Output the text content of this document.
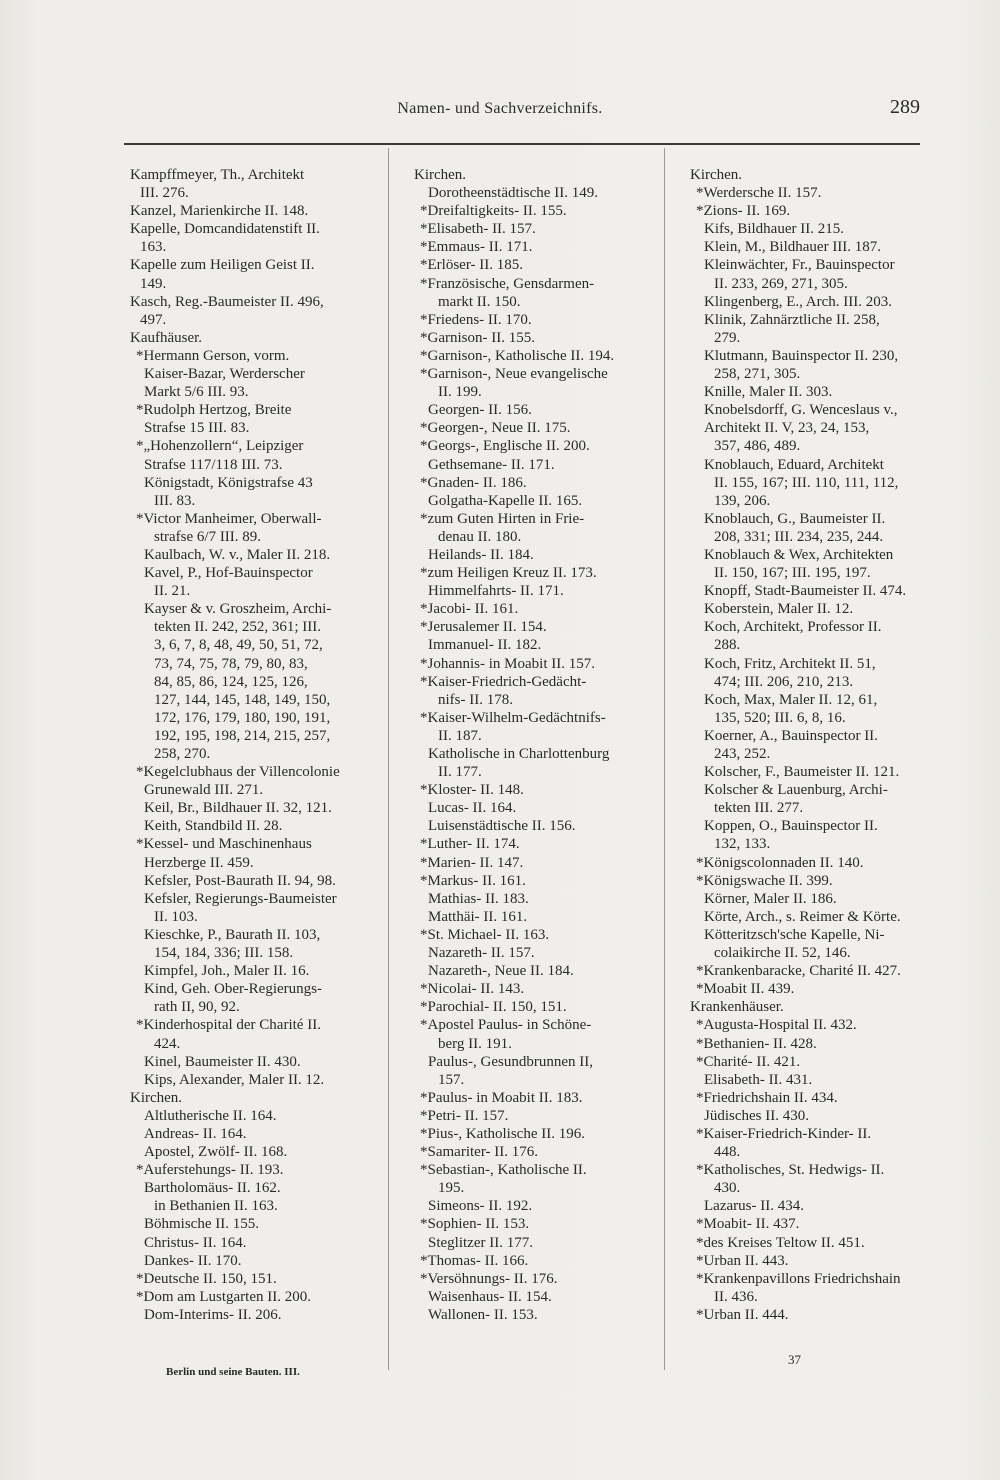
Namen- und Sachverzeichnifs.	289
Kampffmeyer, Th., Architekt
III. 276.
Kanzel, Marienkirche II. 148.
Kapelle, Domcandidatenstift II.
163.
Kapelle zum Heiligen Geist II.
149.
Kasch, Reg.-Baumeister II. 496,
497.
Kaufhäuser.
*Hermann Gerson, vorm.
Kaiser-Bazar, Werderscher
Markt 5/6 III. 93.
*Rudolph Hertzog, Breite
Strafse 15 III. 83.
*„Hohenzollern“, Leipziger
Strafse 117/118 III. 73.
Königstadt, Königstrafse 43
III. 83.
*Victor Manheimer, Oberwall-
strafse 6/7 III. 89.
Kaulbach, W. v., Maler II. 218.
Kavel, P., Hof-Bauinspector
II. 21.
Kayser & v. Groszheim, Archi-
tekten II. 242, 252, 361; III.
3, 6, 7, 8, 48, 49, 50, 51, 72,
73, 74, 75, 78, 79, 80, 83,
84, 85, 86, 124, 125, 126,
127, 144, 145, 148, 149, 150,
172, 176, 179, 180, 190, 191,
192, 195, 198, 214, 215, 257,
258, 270.
*Kegelclubhaus der Villencolonie
Grunewald III. 271.
Keil, Br., Bildhauer II. 32, 121.
Keith, Standbild II. 28.
*Kessel- und Maschinenhaus
Herzberge II. 459.
Kefsler, Post-Baurath II. 94, 98.
Kefsler, Regierungs-Baumeister
II. 103.
Kieschke, P., Baurath II. 103,
154, 184, 336; III. 158.
Kimpfel, Joh., Maler II. 16.
Kind, Geh. Ober-Regierungs-
rath II, 90, 92.
*Kinderhospital der Charité II.
424.
Kinel, Baumeister II. 430.
Kips, Alexander, Maler II. 12.
Kirchen.
Altlutherische II. 164.
Andreas- II. 164.
Apostel, Zwölf- II. 168.
*Auferstehungs- II. 193.
Bartholomäus- II. 162.
in Bethanien II. 163.
Böhmische II. 155.
Christus- II. 164.
Dankes- II. 170.
*Deutsche II. 150, 151.
*Dom am Lustgarten II. 200.
Dom-Interims- II. 206.
Kirchen.
Dorotheenstädtische II. 149.
*Dreifaltigkeits- II. 155.
*Elisabeth- II. 157.
*Emmaus- II. 171.
*Erlöser- II. 185.
*Französische, Gensdarmen-
markt II. 150.
*Friedens- II. 170.
*Garnison- II. 155.
*Garnison-, Katholische II. 194.
*Garnison-, Neue evangelische
II. 199.
Georgen- II. 156.
*Georgen-, Neue II. 175.
*Georgs-, Englische II. 200.
Gethsemane- II. 171.
*Gnaden- II. 186.
Golgatha-Kapelle II. 165.
*zum Guten Hirten in Frie-
denau II. 180.
Heilands- II. 184.
*zum Heiligen Kreuz II. 173.
Himmelfahrts- II. 171.
*Jacobi- II. 161.
*Jerusalemer II. 154.
Immanuel- II. 182.
*Johannis- in Moabit II. 157.
*Kaiser-Friedrich-Gedächt-
nifs- II. 178.
*Kaiser-Wilhelm-Gedächtnifs-
II. 187.
Katholische in Charlottenburg
II. 177.
*Kloster- II. 148.
Lucas- II. 164.
Luisenstädtische II. 156.
*Luther- II. 174.
*Marien- II. 147.
*Markus- II. 161.
Mathias- II. 183.
Matthäi- II. 161.
*St. Michael- II. 163.
Nazareth- II. 157.
Nazareth-, Neue II. 184.
*Nicolai- II. 143.
*Parochial- II. 150, 151.
*Apostel Paulus- in Schöne-
berg II. 191.
Paulus-, Gesundbrunnen II,
157.
*Paulus- in Moabit II. 183.
*Petri- II. 157.
*Pius-, Katholische II. 196.
*Samariter- II. 176.
*Sebastian-, Katholische II.
195.
Simeons- II. 192.
*Sophien- II. 153.
Steglitzer II. 177.
*Thomas- II. 166.
*Versöhnungs- II. 176.
Waisenhaus- II. 154.
Wallonen- II. 153.
Kirchen.
*Werdersche II. 157.
*Zions- II. 169.
Kifs, Bildhauer II. 215.
Klein, M., Bildhauer III. 187.
Kleinwächter, Fr., Bauinspector
II. 233, 269, 271, 305.
Klingenberg, E., Arch. III. 203.
Klinik, Zahnärztliche II. 258,
279.
Klutmann, Bauinspector II. 230,
258, 271, 305.
Knille, Maler II. 303.
Knobelsdorff, G. Wenceslaus v.,
Architekt II. V, 23, 24, 153,
357, 486, 489.
Knoblauch, Eduard, Architekt
II. 155, 167; III. 110, 111, 112,
139, 206.
Knoblauch, G., Baumeister II.
208, 331; III. 234, 235, 244.
Knoblauch & Wex, Architekten
II. 150, 167; III. 195, 197.
Knopff, Stadt-Baumeister II. 474.
Koberstein, Maler II. 12.
Koch, Architekt, Professor II.
288.
Koch, Fritz, Architekt II. 51,
474; III. 206, 210, 213.
Koch, Max, Maler II. 12, 61,
135, 520; III. 6, 8, 16.
Koerner, A., Bauinspector II.
243, 252.
Kolscher, F., Baumeister II. 121.
Kolscher & Lauenburg, Archi-
tekten III. 277.
Koppen, O., Bauinspector II.
132, 133.
*Königscolonnaden II. 140.
*Königswache II. 399.
Körner, Maler II. 186.
Körte, Arch., s. Reimer & Körte.
Kötteritzsch'sche Kapelle, Ni-
colaikirche II. 52, 146.
*Krankenbaracke, Charité II. 427.
*Moabit II. 439.
Krankenhäuser.
*Augusta-Hospital II. 432.
*Bethanien- II. 428.
*Charité- II. 421.
Elisabeth- II. 431.
*Friedrichshain II. 434.
Jüdisches II. 430.
*Kaiser-Friedrich-Kinder- II.
448.
*Katholisches, St. Hedwigs- II.
430.
Lazarus- II. 434.
*Moabit- II. 437.
*des Kreises Teltow II. 451.
*Urban II. 443.
*Krankenpavillons Friedrichshain
II. 436.
*Urban II. 444.
Berlin und seine Bauten. III.
37
